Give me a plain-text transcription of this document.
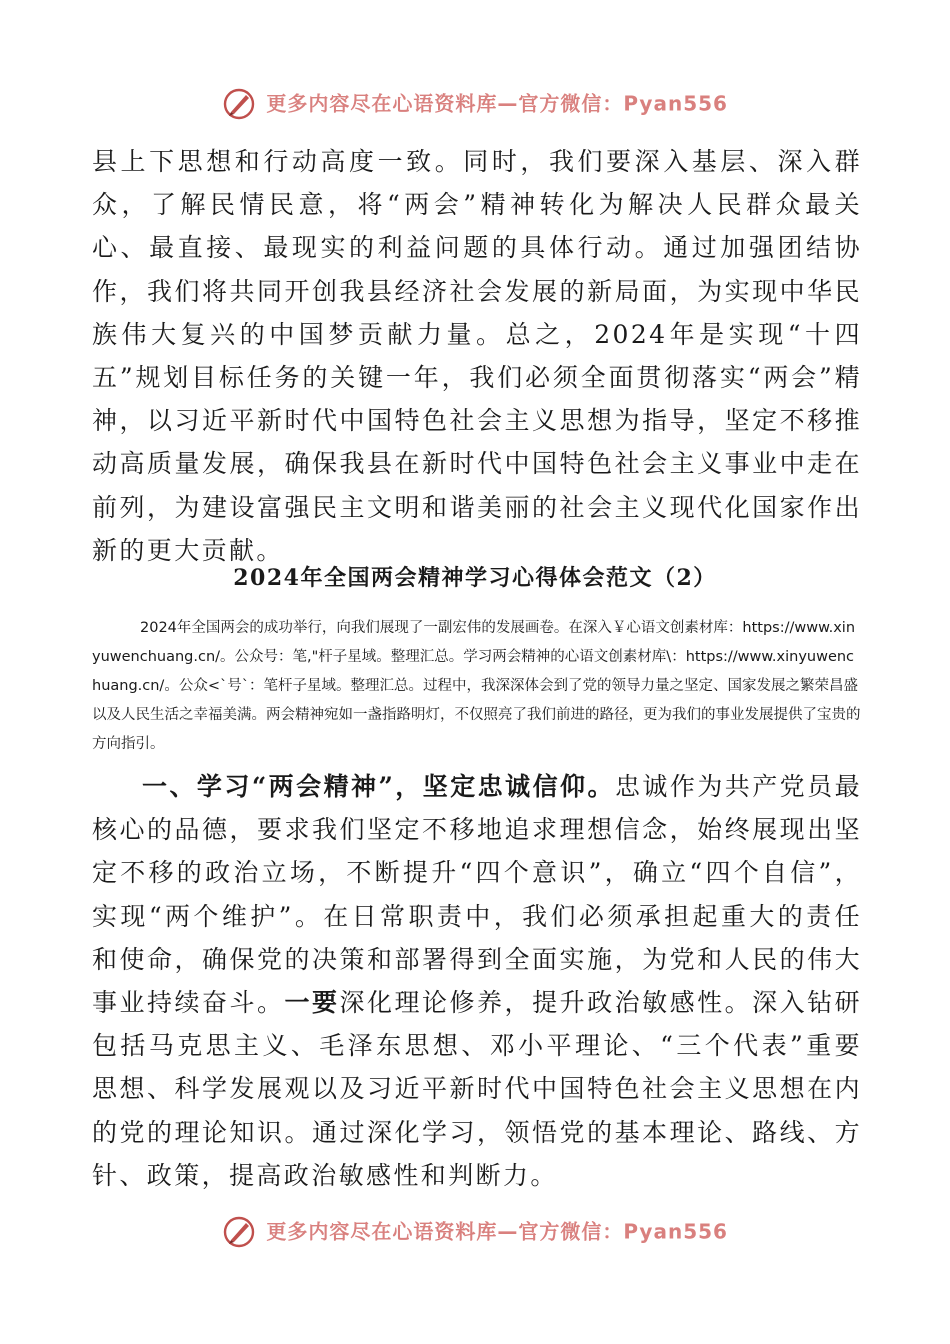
更多内容尽在心语资料库—官方微信：Pyan556

县上下思想和行动高度一致。同时，我们要深入基层、深入群众，了解民情民意，将“两会”精神转化为解决人民群众最关心、最直接、最现实的利益问题的具体行动。通过加强团结协作，我们将共同开创我县经济社会发展的新局面，为实现中华民族伟大复兴的中国梦贡献力量。总之，2024年是实现“十四五”规划目标任务的关键一年，我们必须全面贯彻落实“两会”精神，以习近平新时代中国特色社会主义思想为指导，坚定不移推动高质量发展，确保我县在新时代中国特色社会主义事业中走在前列，为建设富强民主文明和谐美丽的社会主义现代化国家作出新的更大贡献。

2024年全国两会精神学习心得体会范文（2）

2024年全国两会的成功举行，向我们展现了一副宏伟的发展画卷。在深入￥心语文创素材库：https://www.xinyuwenchuang.cn/。公众号：笔,"杆子星域。整理汇总。学习两会精神的心语文创素材库\：https://www.xinyuwenchuang.cn/。公众<`号`：笔杆子星域。整理汇总。过程中，我深深体会到了党的领导力量之坚定、国家发展之繁荣昌盛以及人民生活之幸福美满。两会精神宛如一盏指路明灯，不仅照亮了我们前进的路径，更为我们的事业发展提供了宝贵的方向指引。

一、学习“两会精神”，坚定忠诚信仰。忠诚作为共产党员最核心的品德，要求我们坚定不移地追求理想信念，始终展现出坚定不移的政治立场，不断提升“四个意识”，确立“四个自信”，实现“两个维护”。在日常职责中，我们必须承担起重大的责任和使命，确保党的决策和部署得到全面实施，为党和人民的伟大事业持续奋斗。一要深化理论修养，提升政治敏感性。深入钻研包括马克思主义、毛泽东思想、邓小平理论、“三个代表”重要思想、科学发展观以及习近平新时代中国特色社会主义思想在内的党的理论知识。通过深化学习，领悟党的基本理论、路线、方针、政策，提高政治敏感性和判断力。

更多内容尽在心语资料库—官方微信：Pyan556
